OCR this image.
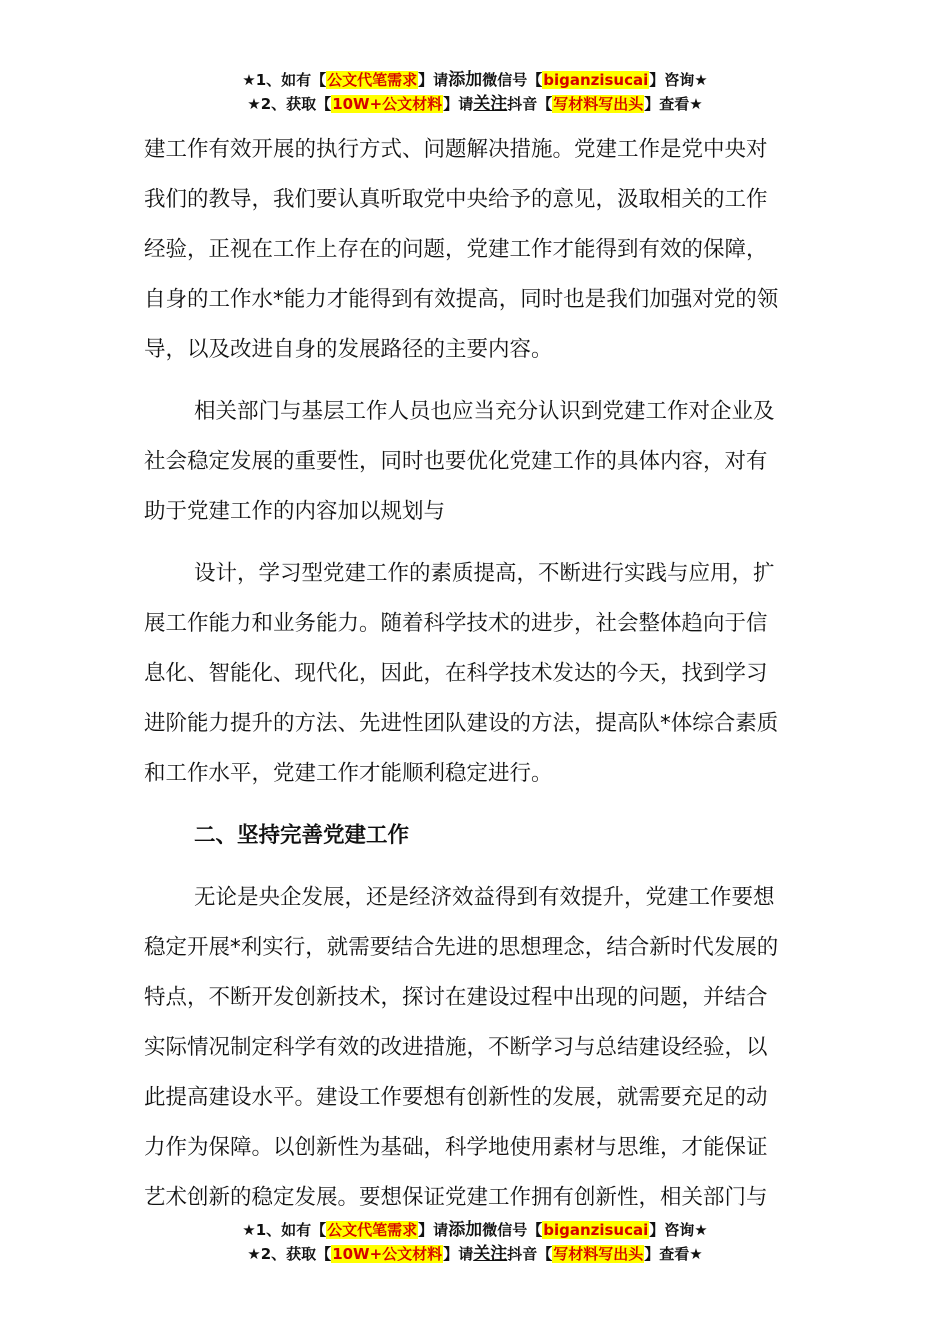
★1、如有【公文代笔需求】请添加微信号【biganzisucai】咨询★
★2、获取【10W+公文材料】请关注抖音【写材料写出头】查看★
建工作有效开展的执行方式、问题解决措施。党建工作是党中央对
我们的教导，我们要认真听取党中央给予的意见，汲取相关的工作
经验，正视在工作上存在的问题，党建工作才能得到有效的保障，
自身的工作水*能力才能得到有效提高，同时也是我们加强对党的领
导，以及改进自身的发展路径的主要内容。
相关部门与基层工作人员也应当充分认识到党建工作对企业及
社会稳定发展的重要性，同时也要优化党建工作的具体内容，对有
助于党建工作的内容加以规划与
设计，学习型党建工作的素质提高，不断进行实践与应用，扩
展工作能力和业务能力。随着科学技术的进步，社会整体趋向于信
息化、智能化、现代化，因此，在科学技术发达的今天，找到学习
进阶能力提升的方法、先进性团队建设的方法，提高队*体综合素质
和工作水平，党建工作才能顺利稳定进行。
二、坚持完善党建工作
无论是央企发展，还是经济效益得到有效提升，党建工作要想
稳定开展*利实行，就需要结合先进的思想理念，结合新时代发展的
特点，不断开发创新技术，探讨在建设过程中出现的问题，并结合
实际情况制定科学有效的改进措施，不断学习与总结建设经验，以
此提高建设水平。建设工作要想有创新性的发展，就需要充足的动
力作为保障。以创新性为基础，科学地使用素材与思维，才能保证
艺术创新的稳定发展。要想保证党建工作拥有创新性，相关部门与
★1、如有【公文代笔需求】请添加微信号【biganzisucai】咨询★
★2、获取【10W+公文材料】请关注抖音【写材料写出头】查看★
